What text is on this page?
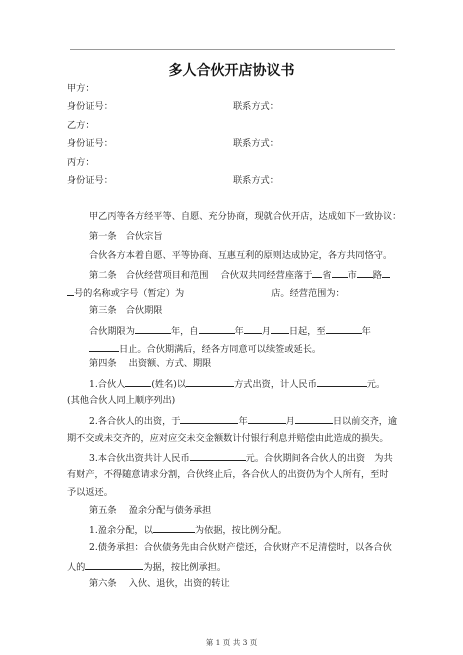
多人合伙开店协议书
甲方：
身份证号：	联系方式：
乙方：
身份证号：	联系方式：
丙方：
身份证号：	联系方式：
甲乙丙等各方经平等、自愿、充分协商，现就合伙开店，达成如下一致协议：
第一条　合伙宗旨
合伙各方本着自愿、平等协商、互惠互利的原则达成协定，各方共同恪守。
第二条　合伙经营项目和范围　 合伙双共同经营座落于 省 市 路
号的名称或字号（暂定）为	店。经营范围为：
第三条　合伙期限
合伙期限为	年，自	年 月 日起，至	年
日止。合伙期满后，经各方同意可以续签或延长。
第四条　 出资额、方式、期限
1.合伙人	(姓名)以	方式出资，计人民币	元。
(其他合伙人同上顺序列出)
2.各合伙人的出资，于	年	月	日以前交齐，逾
期不交或未交齐的，应对应交未交金额数计付银行利息并赔偿由此造成的损失。
3.本合伙出资共计人民币	元。合伙期间各合伙人的出资　为共
有财产，不得随意请求分割，合伙终止后，各合伙人的出资仍为个人所有，至时
予以返还。
第五条　 盈余分配与债务承担
1.盈余分配，以	为依据，按比例分配。
2.债务承担：合伙债务先由合伙财产偿还，合伙财产不足清偿时，以各合伙
人的	为据，按比例承担。
第六条　 入伙、退伙，出资的转让
第 1 页 共 3 页
